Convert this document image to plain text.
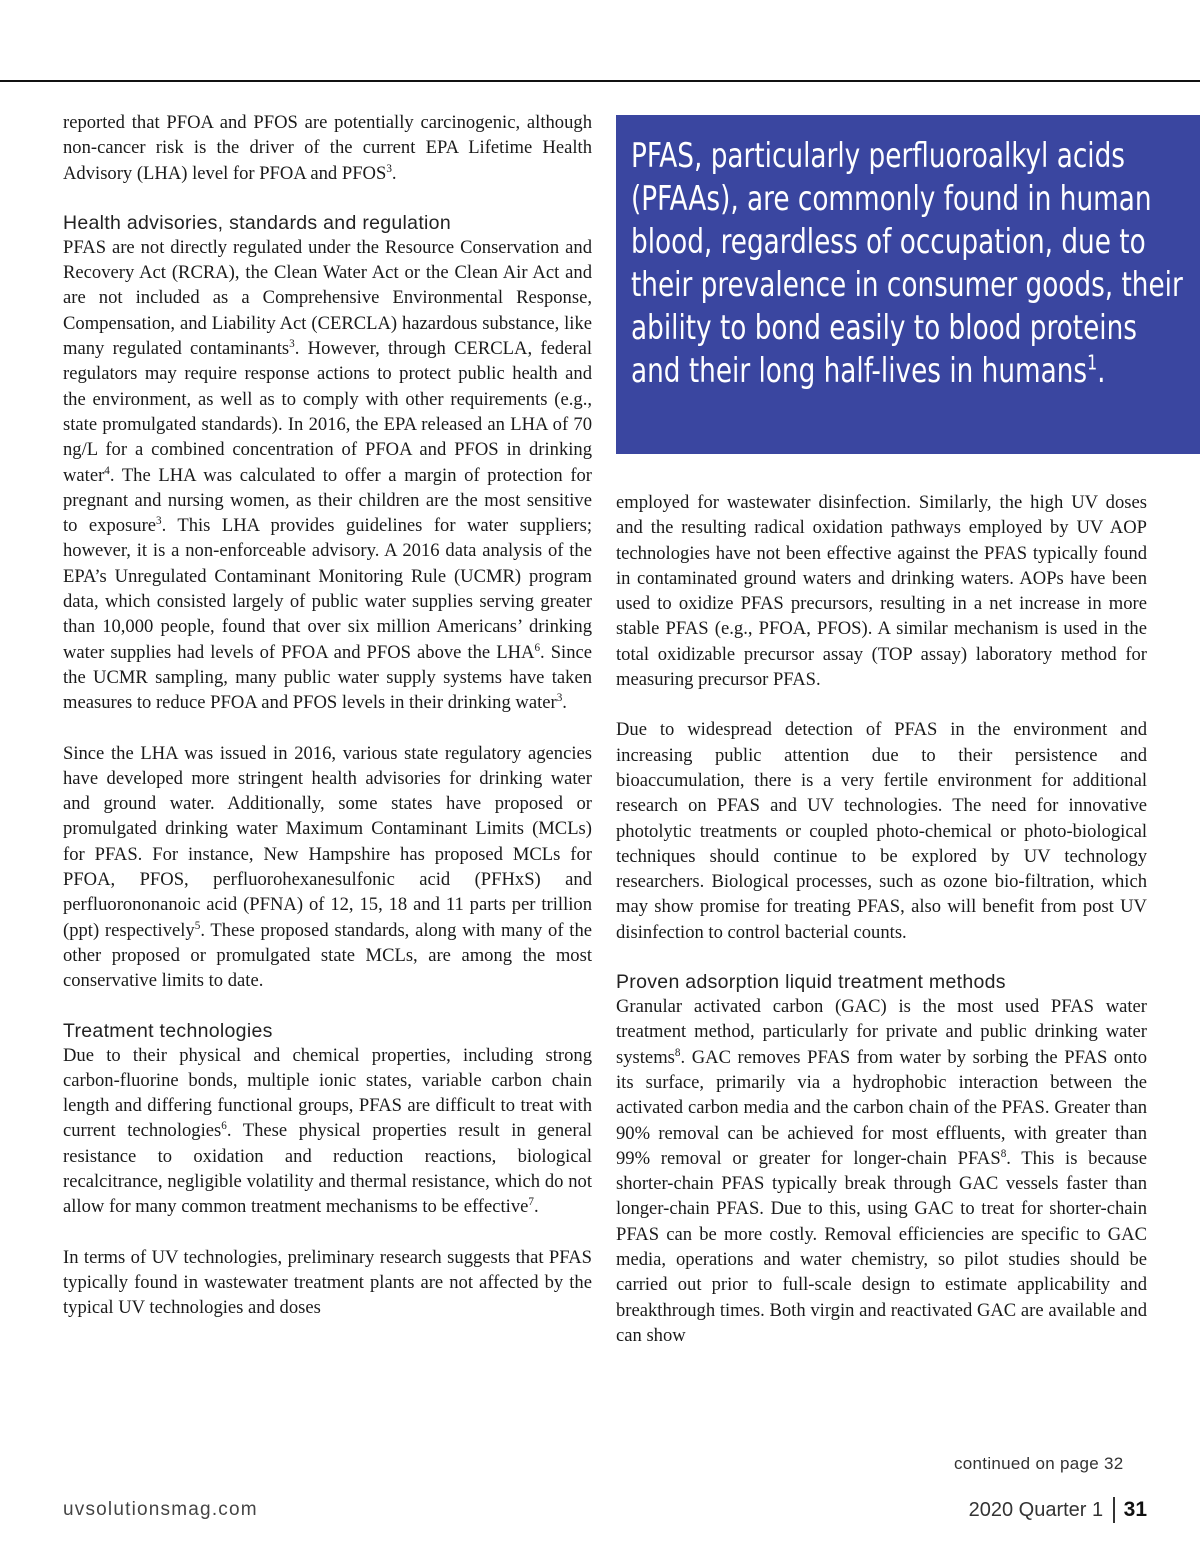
reported that PFOA and PFOS are potentially carcinogenic, although non-cancer risk is the driver of the current EPA Lifetime Health Advisory (LHA) level for PFOA and PFOS$^3$.

Health advisories, standards and regulation

PFAS are not directly regulated under the Resource Conservation and Recovery Act (RCRA), the Clean Water Act or the Clean Air Act and are not included as a Comprehensive Environmental Response, Compensation, and Liability Act (CERCLA) hazardous substance, like many regulated contaminants$^3$. However, through CERCLA, federal regulators may require response actions to protect public health and the environment, as well as to comply with other requirements (e.g., state promulgated standards). In 2016, the EPA released an LHA of 70 ng/L for a combined concentration of PFOA and PFOS in drinking water$^4$. The LHA was calculated to offer a margin of protection for pregnant and nursing women, as their children are the most sensitive to exposure$^3$. This LHA provides guidelines for water suppliers; however, it is a non-enforceable advisory. A 2016 data analysis of the EPA’s Unregulated Contaminant Monitoring Rule (UCMR) program data, which consisted largely of public water supplies serving greater than 10,000 people, found that over six million Americans’ drinking water supplies had levels of PFOA and PFOS above the LHA$^6$. Since the UCMR sampling, many public water supply systems have taken measures to reduce PFOA and PFOS levels in their drinking water$^3$.

Since the LHA was issued in 2016, various state regulatory agencies have developed more stringent health advisories for drinking water and ground water. Additionally, some states have proposed or promulgated drinking water Maximum Contaminant Limits (MCLs) for PFAS. For instance, New Hampshire has proposed MCLs for PFOA, PFOS, perfluorohexanesulfonic acid (PFHxS) and perfluorononanoic acid (PFNA) of 12, 15, 18 and 11 parts per trillion (ppt) respectively$^5$. These proposed standards, along with many of the other proposed or promulgated state MCLs, are among the most conservative limits to date.

Treatment technologies

Due to their physical and chemical properties, including strong carbon-fluorine bonds, multiple ionic states, variable carbon chain length and differing functional groups, PFAS are difficult to treat with current technologies$^6$. These physical properties result in general resistance to oxidation and reduction reactions, biological recalcitrance, negligible volatility and thermal resistance, which do not allow for many common treatment mechanisms to be effective$^7$.

In terms of UV technologies, preliminary research suggests that PFAS typically found in wastewater treatment plants are not affected by the typical UV technologies and doses

PFAS, particularly perfluoroalkyl acids (PFAAs), are commonly found in human blood, regardless of occupation, due to their prevalence in consumer goods, their ability to bond easily to blood proteins and their long half-lives in humans$^1$.

employed for wastewater disinfection. Similarly, the high UV doses and the resulting radical oxidation pathways employed by UV AOP technologies have not been effective against the PFAS typically found in contaminated ground waters and drinking waters. AOPs have been used to oxidize PFAS precursors, resulting in a net increase in more stable PFAS (e.g., PFOA, PFOS). A similar mechanism is used in the total oxidizable precursor assay (TOP assay) laboratory method for measuring precursor PFAS.

Due to widespread detection of PFAS in the environment and increasing public attention due to their persistence and bioaccumulation, there is a very fertile environment for additional research on PFAS and UV technologies. The need for innovative photolytic treatments or coupled photo-chemical or photo-biological techniques should continue to be explored by UV technology researchers. Biological processes, such as ozone bio-filtration, which may show promise for treating PFAS, also will benefit from post UV disinfection to control bacterial counts.

Proven adsorption liquid treatment methods

Granular activated carbon (GAC) is the most used PFAS water treatment method, particularly for private and public drinking water systems$^8$. GAC removes PFAS from water by sorbing the PFAS onto its surface, primarily via a hydrophobic interaction between the activated carbon media and the carbon chain of the PFAS. Greater than 90% removal can be achieved for most effluents, with greater than 99% removal or greater for longer-chain PFAS$^8$. This is because shorter-chain PFAS typically break through GAC vessels faster than longer-chain PFAS. Due to this, using GAC to treat for shorter-chain PFAS can be more costly. Removal efficiencies are specific to GAC media, operations and water chemistry, so pilot studies should be carried out prior to full-scale design to estimate applicability and breakthrough times. Both virgin and reactivated GAC are available and can show

continued on page 32
uvsolutionsmag.com	2020 Quarter 1 31
